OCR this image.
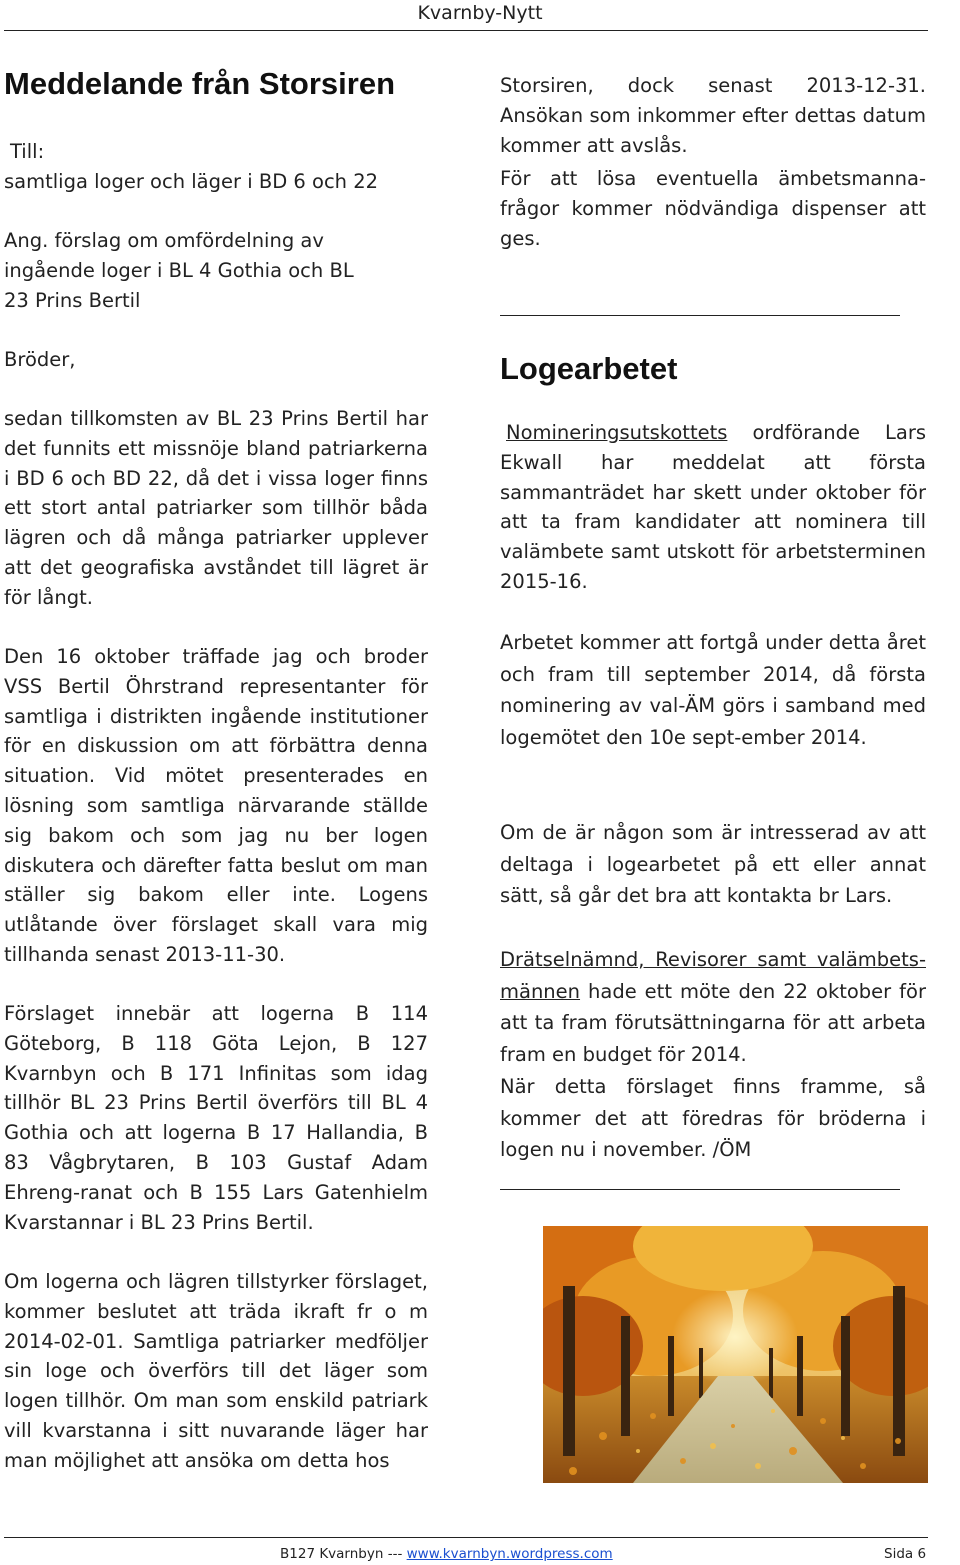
Kvarnby-Nytt
Meddelande från Storsiren

Till:

samtliga loger och läger i BD 6 och 22

Ang. förslag om omfördelning av ingående loger i BL 4 Gothia och BL 23 Prins Bertil

Bröder,

sedan tillkomsten av BL 23 Prins Bertil har det funnits ett missnöje bland patriarkerna i BD 6 och BD 22, då det i vissa loger finns ett stort antal patriarker som tillhör båda lägren och då många patriarker upplever att det geografiska avståndet till lägret är för långt.

Den 16 oktober träffade jag och broder VSS Bertil Öhrstrand representanter för samtliga i distrikten ingående institutioner för en diskussion om att förbättra denna situation. Vid mötet presenterades en lösning som samtliga närvarande ställde sig bakom och som jag nu ber logen diskutera och därefter fatta beslut om man ställer sig bakom eller inte. Logens utlåtande över förslaget skall vara mig tillhanda senast 2013-11-30.

Förslaget innebär att logerna B 114 Göteborg, B 118 Göta Lejon, B 127 Kvarnbyn och B 171 Infinitas som idag tillhör BL 23 Prins Bertil överförs till BL 4 Gothia och att logerna B 17 Hallandia, B 83 Vågbrytaren, B 103 Gustaf Adam Ehreng-ranat och B 155 Lars Gatenhielm Kvarstannar i BL 23 Prins Bertil.

Om logerna och lägren tillstyrker förslaget, kommer beslutet att träda ikraft fr o m 2014-02-01. Samtliga patriarker medföljer sin loge och överförs till det läger som logen tillhör. Om man som enskild patriark vill kvarstanna i sitt nuvarande läger har man möjlighet att ansöka om detta hos

Storsiren, dock senast 2013-12-31. Ansökan som inkommer efter dettas datum kommer att avslås.

För att lösa eventuella ämbetsmanna-frågor kommer nödvändiga dispenser att ges.

Logearbetet

Nomineringsutskottets ordförande Lars Ekwall har meddelat att första sammanträdet har skett under oktober för att ta fram kandidater att nominera till valämbete samt utskott för arbetsterminen 2015-16.

Arbetet kommer att fortgå under detta året och fram till september 2014, då första nominering av val-ÄM görs i samband med logemötet den 10e sept-ember 2014.

Om de är någon som är intresserad av att deltaga i logearbetet på ett eller annat sätt, så går det bra att kontakta br Lars.

Drätselnämnd, Revisorer samt valämbets-männen hade ett möte den 22 oktober för att ta fram förutsättningarna för att arbeta fram en budget för 2014.

När detta förslaget finns framme, så kommer det att föredras för bröderna i logen nu i november. /ÖM

B127 Kvarnbyn --- www.kvarnbyn.wordpress.com	Sida 6
